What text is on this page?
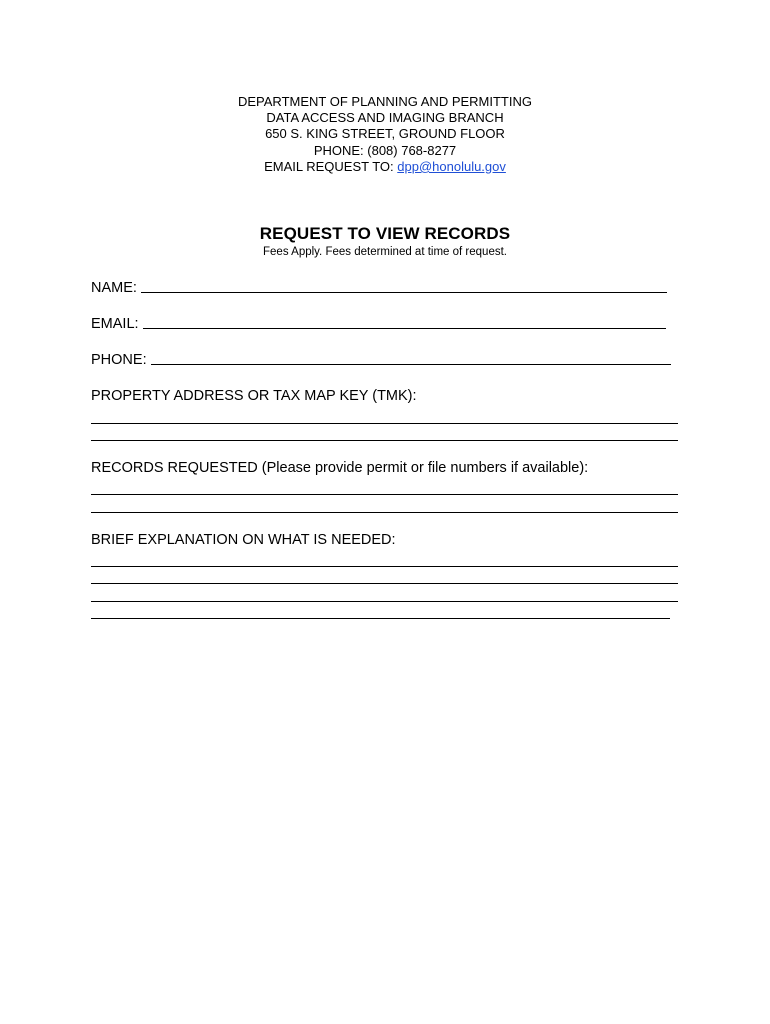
DEPARTMENT OF PLANNING AND PERMITTING
DATA ACCESS AND IMAGING BRANCH
650 S. KING STREET, GROUND FLOOR
PHONE: (808) 768-8277
EMAIL REQUEST TO: dpp@honolulu.gov
REQUEST TO VIEW RECORDS
Fees Apply. Fees determined at time of request.
NAME:
EMAIL:
PHONE:
PROPERTY ADDRESS OR TAX MAP KEY (TMK):
RECORDS REQUESTED (Please provide permit or file numbers if available):
BRIEF EXPLANATION ON WHAT IS NEEDED:
